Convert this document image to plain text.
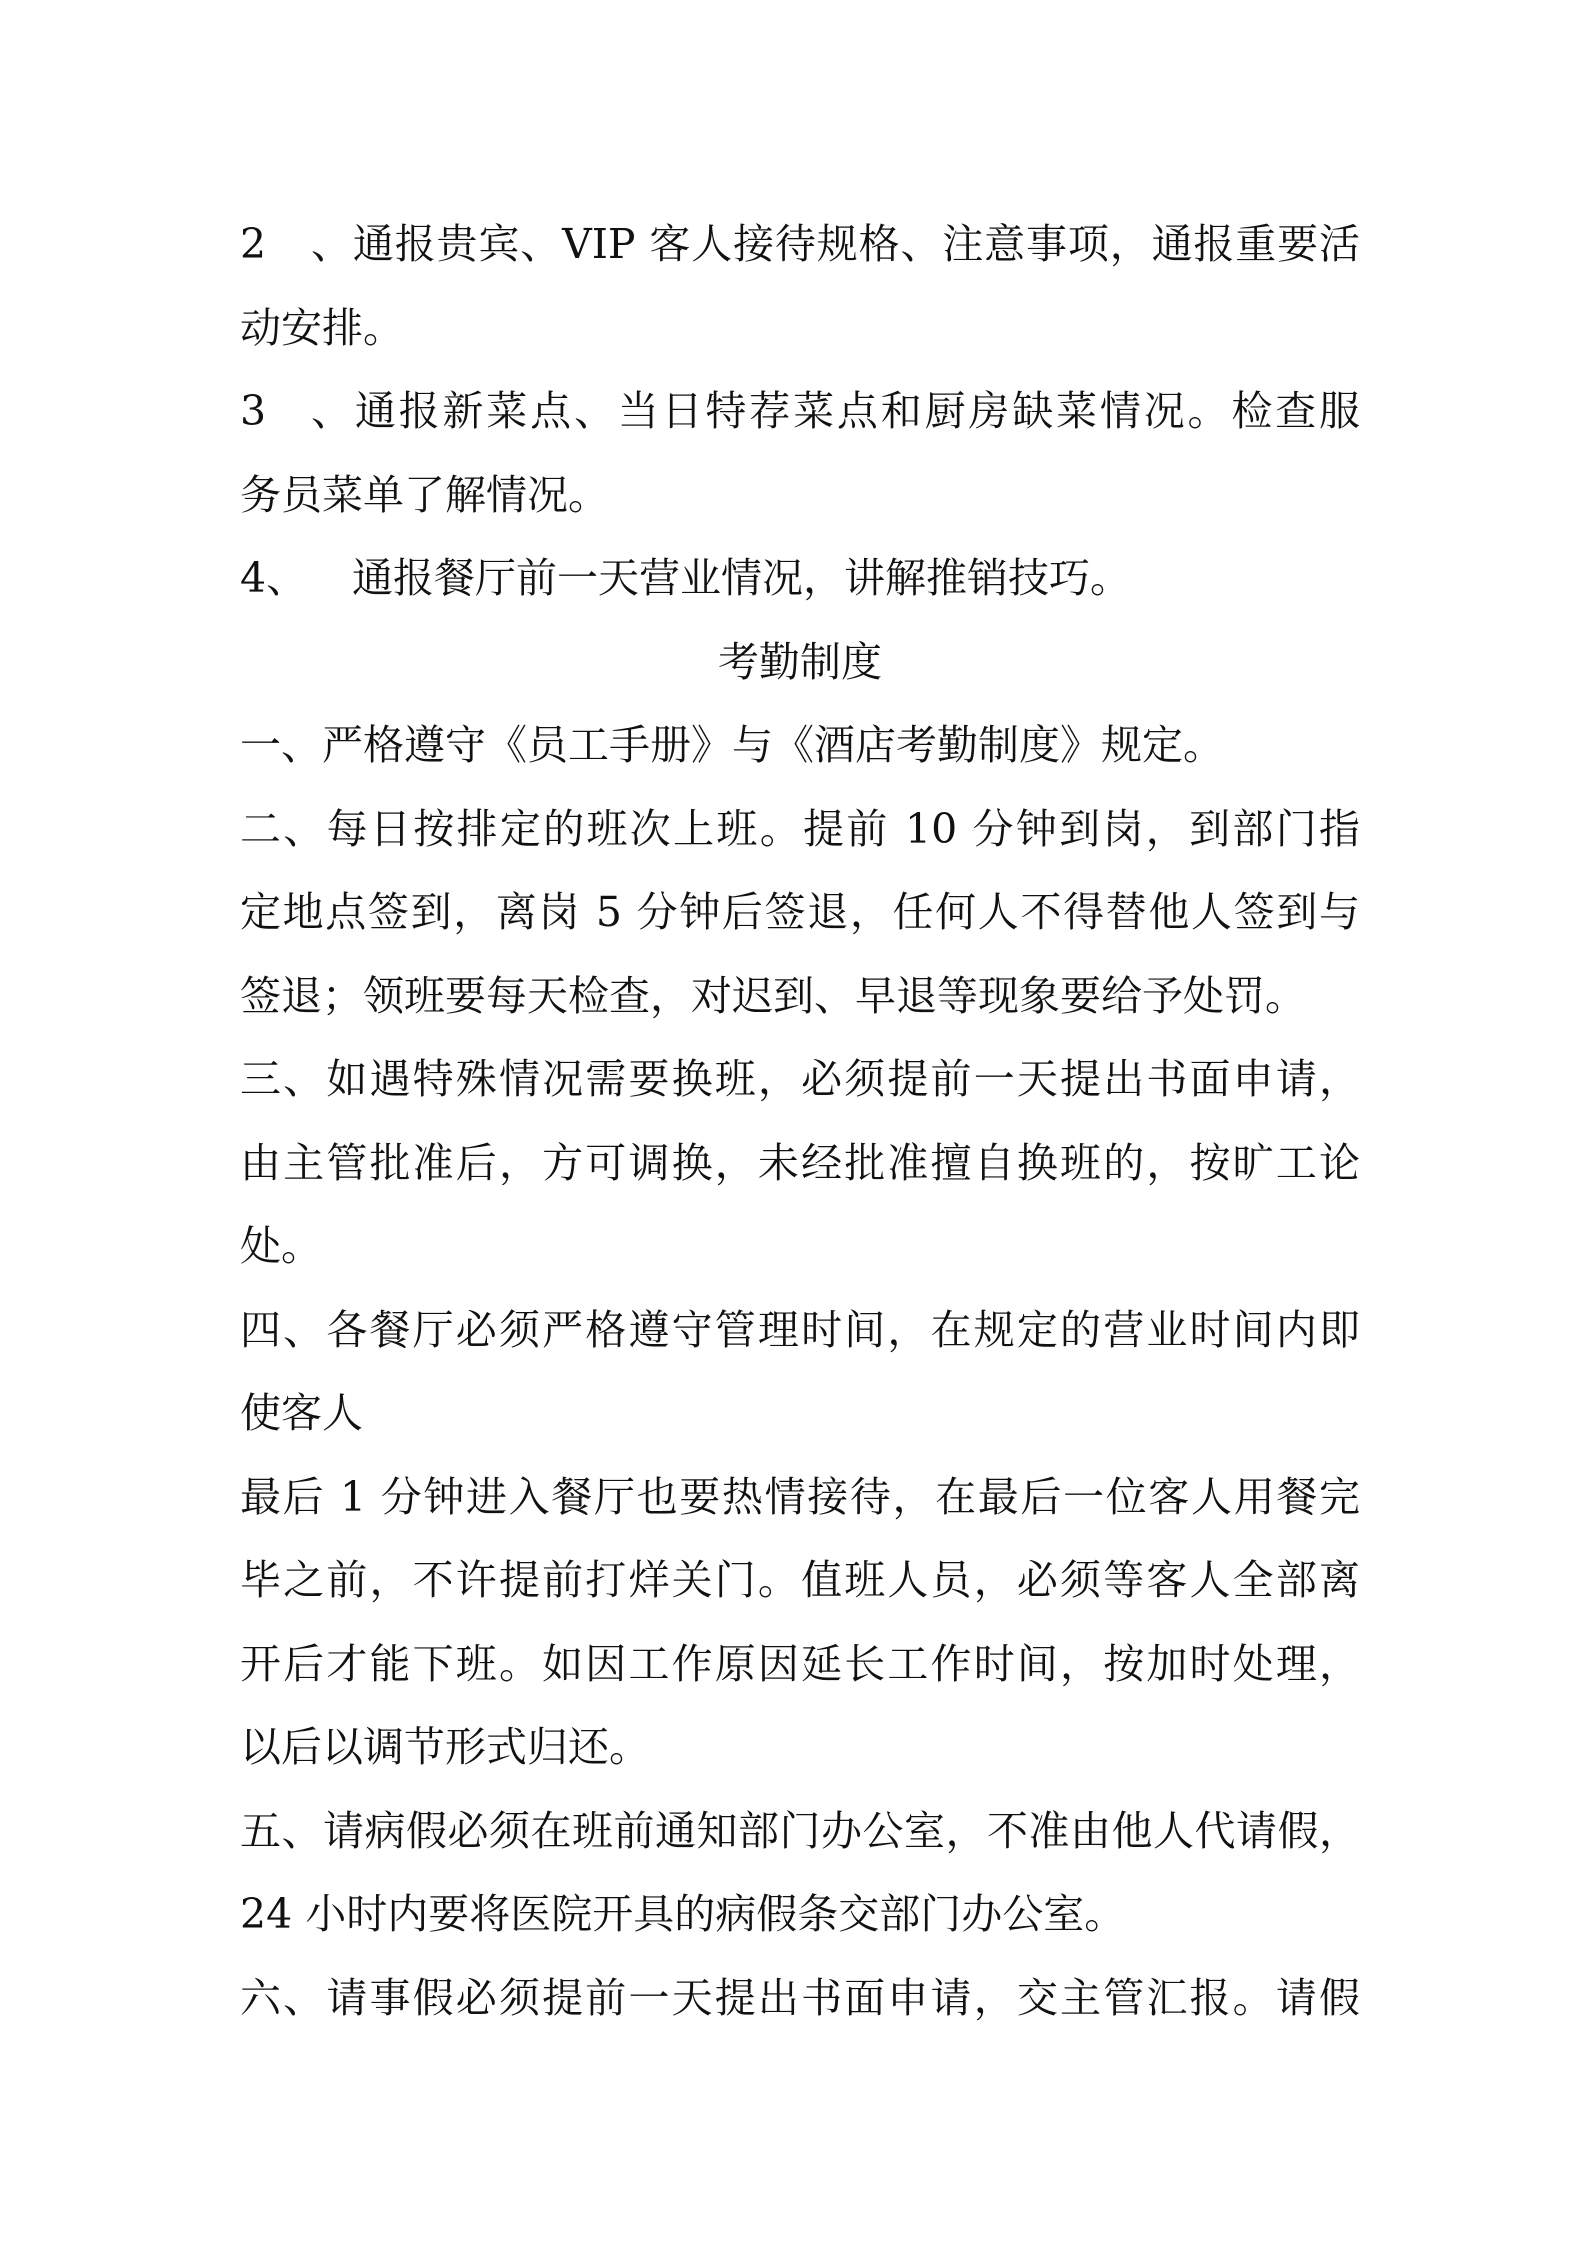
2、通报贵宾、VIP 客人接待规格、注意事项，通报重要活
动安排。
3、通报新菜点、当日特荐菜点和厨房缺菜情况。检查服
务员菜单了解情况。
4、 通报餐厅前一天营业情况，讲解推销技巧。
考勤制度
一、严格遵守《员工手册》与《酒店考勤制度》规定。
二、每日按排定的班次上班。提前 10 分钟到岗，到部门指
定地点签到，离岗 5 分钟后签退，任何人不得替他人签到与
签退；领班要每天检查，对迟到、早退等现象要给予处罚。
三、如遇特殊情况需要换班，必须提前一天提出书面申请，
由主管批准后，方可调换，未经批准擅自换班的，按旷工论
处。
四、各餐厅必须严格遵守管理时间，在规定的营业时间内即
使客人
最后 1 分钟进入餐厅也要热情接待，在最后一位客人用餐完
毕之前，不许提前打烊关门。值班人员，必须等客人全部离
开后才能下班。如因工作原因延长工作时间，按加时处理，
以后以调节形式归还。
五、请病假必须在班前通知部门办公室，不准由他人代请假，
24 小时内要将医院开具的病假条交部门办公室。
六、请事假必须提前一天提出书面申请，交主管汇报。请假
